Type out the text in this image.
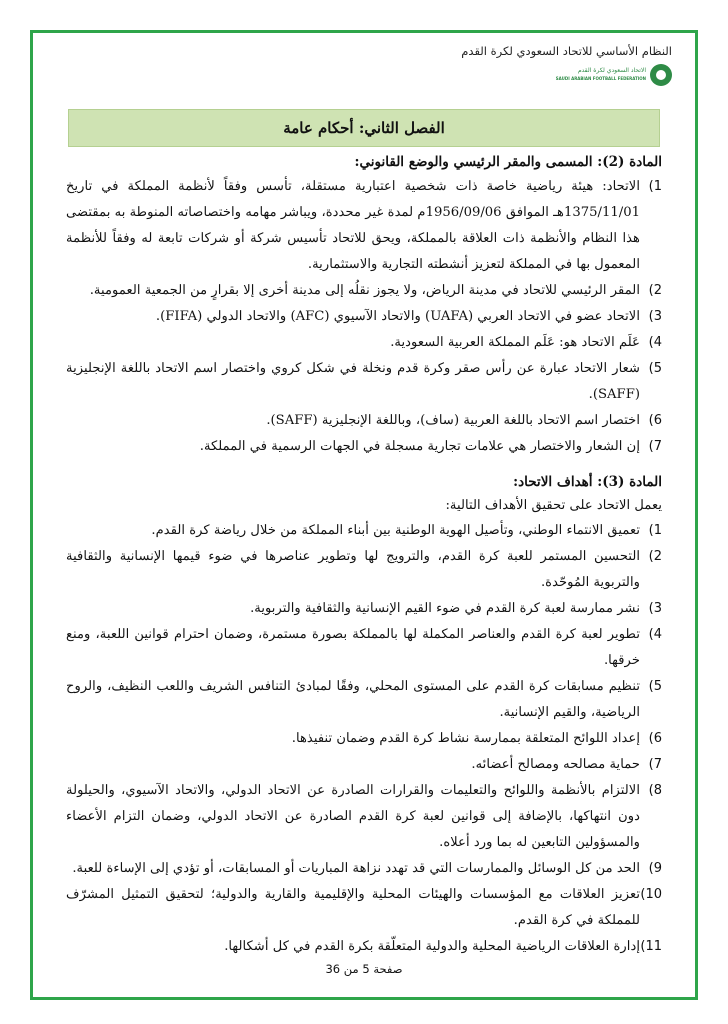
النظام الأساسي للاتحاد السعودي لكرة القدم
الاتحاد السعودي لكرة القدم
SAUDI ARABIAN FOOTBALL FEDERATION
الفصل الثاني: أحكام عامة

المادة (2): المسمى والمقر الرئيسي والوضع القانوني:

1)
الاتحاد: هيئة رياضية خاصة ذات شخصية اعتبارية مستقلة، تأسس وفقاً لأنظمة المملكة في تاريخ 1375/11/01هـ الموافق 1956/09/06م لمدة غير محددة، ويباشر مهامه واختصاصاته المنوطة به بمقتضى هذا النظام والأنظمة ذات العلاقة بالمملكة، ويحق للاتحاد تأسيس شركة أو شركات تابعة له وفقاً للأنظمة المعمول بها في المملكة لتعزيز أنشطته التجارية والاستثمارية.
2)
المقر الرئيسي للاتحاد في مدينة الرياض، ولا يجوز نقلُه إلى مدينة أخرى إلا بقرارٍ من الجمعية العمومية.
3)
الاتحاد عضو في الاتحاد العربي (UAFA) والاتحاد الآسيوي (AFC) والاتحاد الدولي (FIFA).
4)
عَلَم الاتحاد هو: عَلَم المملكة العربية السعودية.
5)
شعار الاتحاد عبارة عن رأس صقر وكرة قدم ونخلة في شكل كروي واختصار اسم الاتحاد باللغة الإنجليزية (SAFF).
6)
اختصار اسم الاتحاد باللغة العربية (ساف)، وباللغة الإنجليزية (SAFF).
7)
إن الشعار والاختصار هي علامات تجارية مسجلة في الجهات الرسمية في المملكة.

المادة (3): أهداف الاتحاد:

يعمل الاتحاد على تحقيق الأهداف التالية:
1)
تعميق الانتماء الوطني، وتأصيل الهوية الوطنية بين أبناء المملكة من خلال رياضة كرة القدم.
2)
التحسين المستمر للعبة كرة القدم، والترويج لها وتطوير عناصرها في ضوء قيمها الإنسانية والثقافية والتربوية المُوحّدة.
3)
نشر ممارسة لعبة كرة القدم في ضوء القيم الإنسانية والثقافية والتربوية.
4)
تطوير لعبة كرة القدم والعناصر المكملة لها بالمملكة بصورة مستمرة، وضمان احترام قوانين اللعبة، ومنع خرقها.
5)
تنظيم مسابقات كرة القدم على المستوى المحلي، وفقًا لمبادئ التنافس الشريف واللعب النظيف، والروح الرياضية، والقيم الإنسانية.
6)
إعداد اللوائح المتعلقة بممارسة نشاط كرة القدم وضمان تنفيذها.
7)
حماية مصالحه ومصالح أعضائه.
8)
الالتزام بالأنظمة واللوائح والتعليمات والقرارات الصادرة عن الاتحاد الدولي، والاتحاد الآسيوي، والحيلولة دون انتهاكها، بالإضافة إلى قوانين لعبة كرة القدم الصادرة عن الاتحاد الدولي، وضمان التزام الأعضاء والمسؤولين التابعين له بما ورد أعلاه.
9)
الحد من كل الوسائل والممارسات التي قد تهدد نزاهة المباريات أو المسابقات، أو تؤدي إلى الإساءة للعبة.
10)
تعزيز العلاقات مع المؤسسات والهيئات المحلية والإقليمية والقارية والدولية؛ لتحقيق التمثيل المشرّف للمملكة في كرة القدم.
11)
إدارة العلاقات الرياضية المحلية والدولية المتعلّقة بكرة القدم في كل أشكالها.
صفحة 5 من 36
